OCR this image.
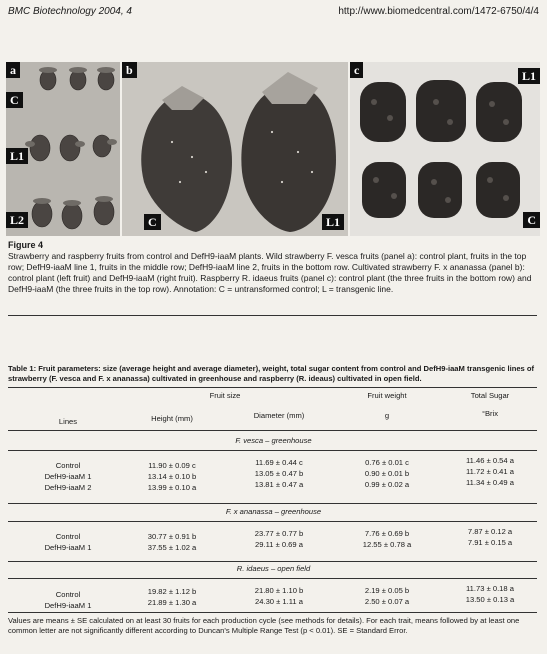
BMC Biotechnology 2004, 4	http://www.biomedcentral.com/1472-6750/4/4
a
C
L1
L2
b
C	L1
c	L1
C
Figure 4
Strawberry and raspberry fruits from control and DefH9-iaaM plants. Wild strawberry F. vesca fruits (panel a): control plant, fruits in the top row; DefH9-iaaM line 1, fruits in the middle row; DefH9-iaaM line 2, fruits in the bottom row. Cultivated strawberry F. x ananassa (panel b): control plant (left fruit) and DefH9-iaaM (right fruit). Raspberry R. idaeus fruits (panel c): control plant (the three fruits in the bottom row) and DefH9-iaaM (the three fruits in the top row). Annotation: C = untransformed control; L = transgenic line.
Table 1: Fruit parameters: size (average height and average diameter), weight, total sugar content from control and DefH9-iaaM transgenic lines of strawberry (F. vesca and F. x ananassa) cultivated in greenhouse and raspberry (R. ideaus) cultivated in open field.
Fruit size	Fruit weight	Total Sugar
Lines	Height (mm)	Diameter (mm)	g	°Brix
F. vesca – greenhouse
Control	11.90 ± 0.09 c	11.69 ± 0.44 c	0.76 ± 0.01 c	11.46 ± 0.54 a
DefH9-iaaM 1	13.14 ± 0.10 b	13.05 ± 0.47 b	0.90 ± 0.01 b	11.72 ± 0.41 a
DefH9-iaaM 2	13.99 ± 0.10 a	13.81 ± 0.47 a	0.99 ± 0.02 a	11.34 ± 0.49 a
F. x ananassa – greenhouse
Control	30.77 ± 0.91 b	23.77 ± 0.77 b	7.76 ± 0.69 b	7.87 ± 0.12 a
DefH9-iaaM 1	37.55 ± 1.02 a	29.11 ± 0.69 a	12.55 ± 0.78 a	7.91 ± 0.15 a
R. idaeus – open field
Control	19.82 ± 1.12 b	21.80 ± 1.10 b	2.19 ± 0.05 b	11.73 ± 0.18 a
DefH9-iaaM 1	21.89 ± 1.30 a	24.30 ± 1.11 a	2.50 ± 0.07 a	13.50 ± 0.13 a
Values are means ± SE calculated on at least 30 fruits for each production cycle (see methods for details). For each trait, means followed by at least one common letter are not significantly different according to Duncan's Multiple Range Test (p < 0.01). SE = Standard Error.
